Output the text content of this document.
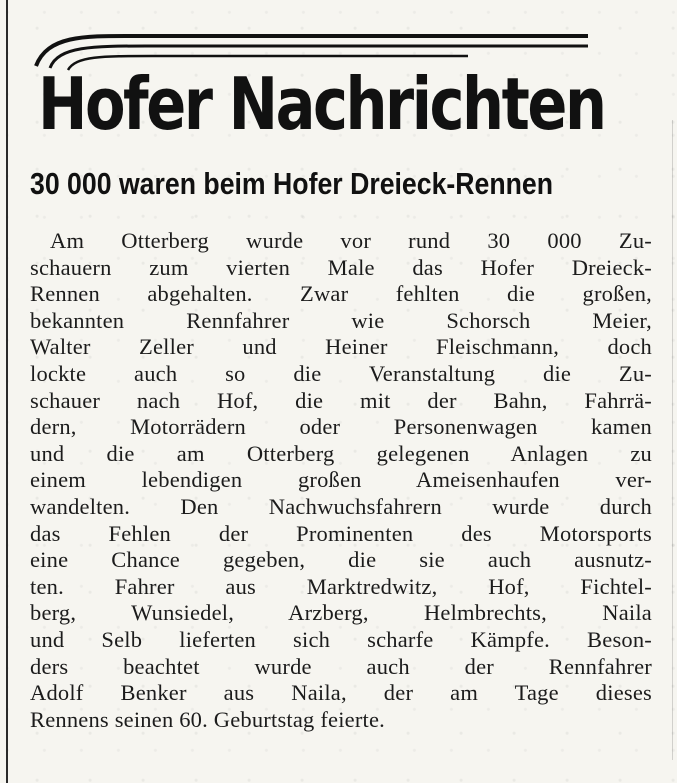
Hofer Nachrichten
30 000 waren beim Hofer Dreieck-Rennen
Am Otterberg wurde vor rund 30 000 Zu-
schauern zum vierten Male das Hofer Dreieck-
Rennen abgehalten. Zwar fehlten die großen,
bekannten Rennfahrer wie Schorsch Meier,
Walter Zeller und Heiner Fleischmann, doch
lockte auch so die Veranstaltung die Zu-
schauer nach Hof, die mit der Bahn, Fahrrä-
dern, Motorrädern oder Personenwagen kamen
und die am Otterberg gelegenen Anlagen zu
einem lebendigen großen Ameisenhaufen ver-
wandelten. Den Nachwuchsfahrern wurde durch
das Fehlen der Prominenten des Motorsports
eine Chance gegeben, die sie auch ausnutz-
ten. Fahrer aus Marktredwitz, Hof, Fichtel-
berg, Wunsiedel, Arzberg, Helmbrechts, Naila
und Selb lieferten sich scharfe Kämpfe. Beson-
ders beachtet wurde auch der Rennfahrer
Adolf Benker aus Naila, der am Tage dieses
Rennens seinen 60. Geburtstag feierte.
